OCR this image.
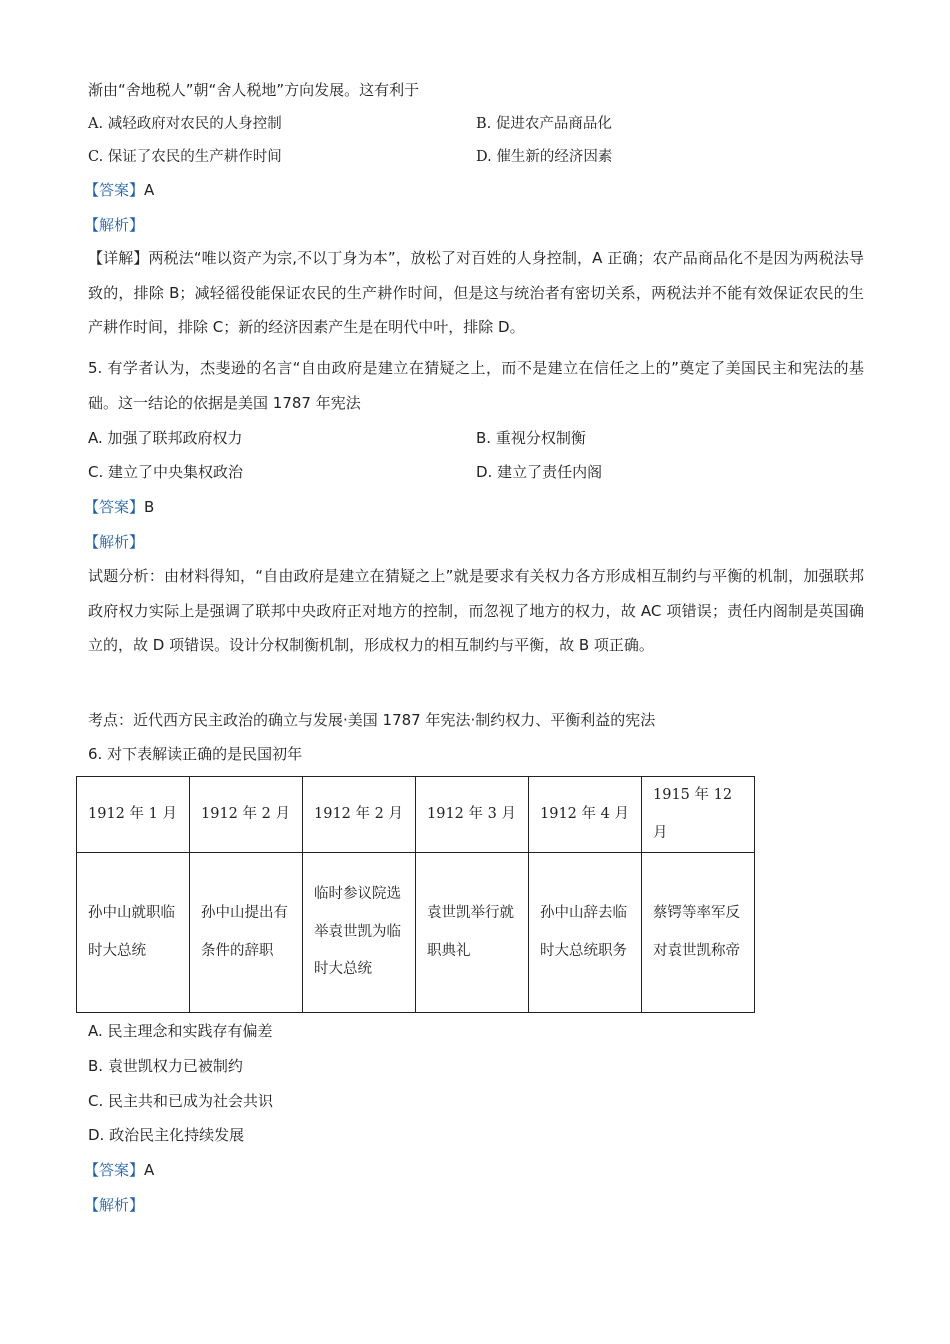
渐由“舍地税人”朝“舍人税地”方向发展。这有利于
A. 减轻政府对农民的人身控制	B. 促进农产品商品化
C. 保证了农民的生产耕作时间	D. 催生新的经济因素
【答案】A
【解析】
【详解】两税法“唯以资产为宗,不以丁身为本”，放松了对百姓的人身控制，A 正确；农产品商品化不是因为两税法导致的，排除 B；减轻徭役能保证农民的生产耕作时间，但是这与统治者有密切关系，两税法并不能有效保证农民的生产耕作时间，排除 C；新的经济因素产生是在明代中叶，排除 D。
5. 有学者认为，杰斐逊的名言“自由政府是建立在猜疑之上，而不是建立在信任之上的”奠定了美国民主和宪法的基础。这一结论的依据是美国 1787 年宪法
A. 加强了联邦政府权力	B. 重视分权制衡
C. 建立了中央集权政治	D. 建立了责任内阁
【答案】B
【解析】
试题分析：由材料得知，“自由政府是建立在猜疑之上”就是要求有关权力各方形成相互制约与平衡的机制，加强联邦政府权力实际上是强调了联邦中央政府正对地方的控制，而忽视了地方的权力，故 AC 项错误；责任内阁制是英国确立的，故 D 项错误。设计分权制衡机制，形成权力的相互制约与平衡，故 B 项正确。
考点：近代西方民主政治的确立与发展·美国 1787 年宪法·制约权力、平衡利益的宪法
6. 对下表解读正确的是民国初年
1912 年 1 月	1912 年 2 月	1912 年 2 月	1912 年 3 月	1912 年 4 月	1915 年 12 月
孙中山就职临时大总统	孙中山提出有条件的辞职	临时参议院选举袁世凯为临时大总统	袁世凯举行就职典礼	孙中山辞去临时大总统职务	蔡锷等率军反对袁世凯称帝
A. 民主理念和实践存有偏差
B. 袁世凯权力已被制约
C. 民主共和已成为社会共识
D. 政治民主化持续发展
【答案】A
【解析】
